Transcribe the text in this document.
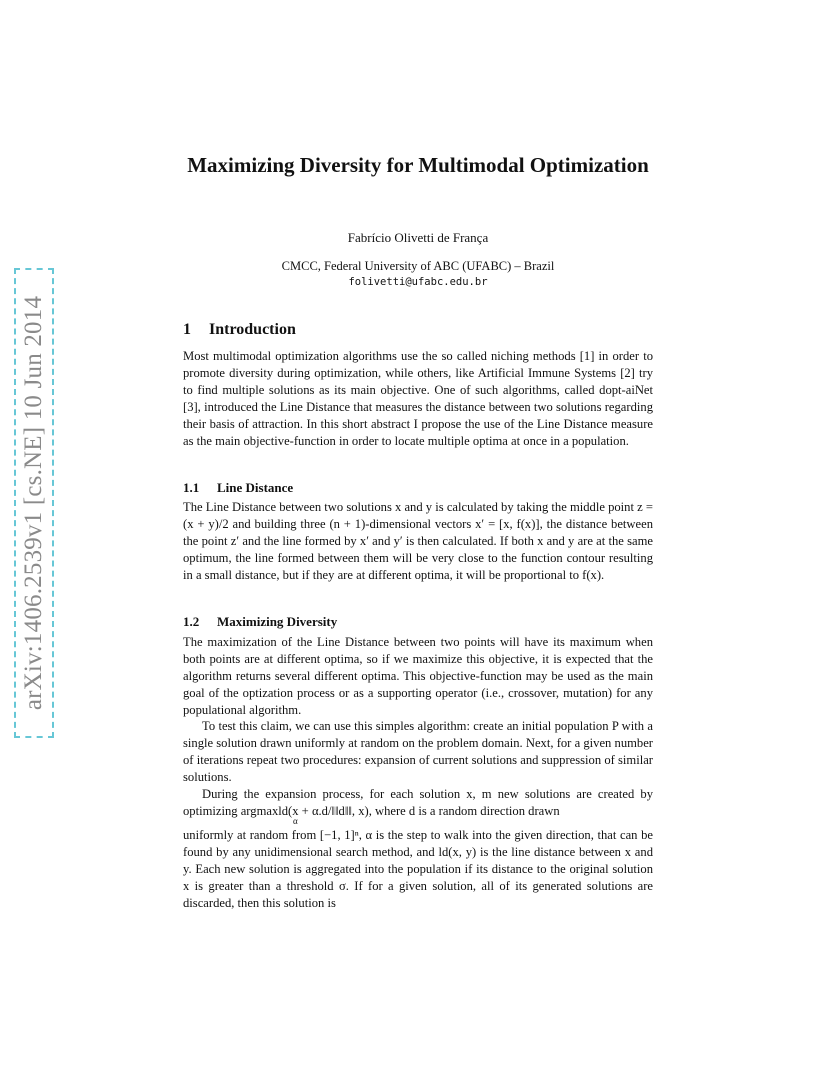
arXiv:1406.2539v1 [cs.NE] 10 Jun 2014
Maximizing Diversity for Multimodal Optimization
Fabrício Olivetti de França
CMCC, Federal University of ABC (UFABC) – Brazil
folivetti@ufabc.edu.br
1 Introduction

Most multimodal optimization algorithms use the so called niching methods [1] in order to promote diversity during optimization, while others, like Artificial Immune Systems [2] try to find multiple solutions as its main objective. One of such algorithms, called dopt-aiNet [3], introduced the Line Distance that measures the distance between two solutions regarding their basis of attraction. In this short abstract I propose the use of the Line Distance measure as the main objective-function in order to locate multiple optima at once in a population.

1.1 Line Distance

The Line Distance between two solutions x and y is calculated by taking the middle point z = (x + y)/2 and building three (n + 1)-dimensional vectors x′ = [x, f(x)], the distance between the point z′ and the line formed by x′ and y′ is then calculated. If both x and y are at the same optimum, the line formed between them will be very close to the function contour resulting in a small distance, but if they are at different optima, it will be proportional to f(x).

1.2 Maximizing Diversity

The maximization of the Line Distance between two points will have its maximum when both points are at different optima, so if we maximize this objective, it is expected that the algorithm returns several different optima. This objective-function may be used as the main goal of the optization process or as a supporting operator (i.e., crossover, mutation) for any populational algorithm.

To test this claim, we can use this simples algorithm: create an initial population P with a single solution drawn uniformly at random on the problem domain. Next, for a given number of iterations repeat two procedures: expansion of current solutions and suppression of similar solutions.

During the expansion process, for each solution x, m new solutions are created by optimizing argmaxld(x + α.d/‖‖d‖‖, x), where d is a random direction drawn

α

uniformly at random from [−1, 1]ⁿ, α is the step to walk into the given direction, that can be found by any unidimensional search method, and ld(x, y) is the line distance between x and y. Each new solution is aggregated into the population if its distance to the original solution x is greater than a threshold σ. If for a given solution, all of its generated solutions are discarded, then this solution is
